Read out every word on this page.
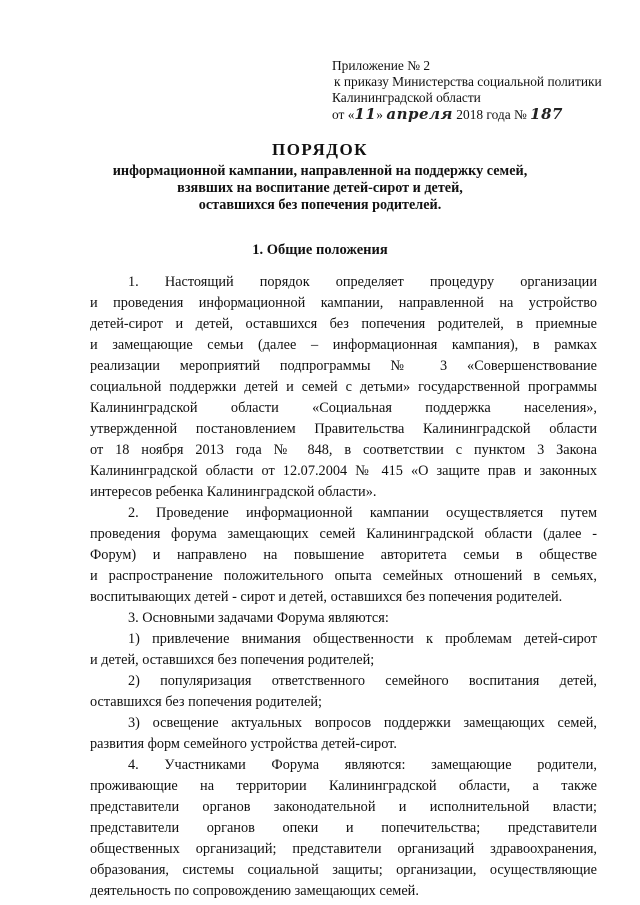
Приложение № 2
к приказу Министерства социальной политики
Калининградской области
от «11» апреля 2018 года № 187
ПОРЯДОК
информационной кампании, направленной на поддержку семей,
взявших на воспитание детей-сирот и детей,
оставшихся без попечения родителей.
1. Общие положения
1. Настоящий порядок определяет процедуру организации
и проведения информационной кампании, направленной на устройство
детей-сирот и детей, оставшихся без попечения родителей, в приемные
и замещающие семьи (далее – информационная кампания), в рамках
реализации мероприятий подпрограммы № 3 «Совершенствование
социальной поддержки детей и семей с детьми» государственной программы
Калининградской области «Социальная поддержка населения»,
утвержденной постановлением Правительства Калининградской области
от 18 ноября 2013 года № 848, в соответствии с пунктом 3 Закона
Калининградской области от 12.07.2004 № 415 «О защите прав и законных
интересов ребенка Калининградской области».
2. Проведение информационной кампании осуществляется путем
проведения форума замещающих семей Калининградской области (далее -
Форум) и направлено на повышение авторитета семьи в обществе
и распространение положительного опыта семейных отношений в семьях,
воспитывающих детей - сирот и детей, оставшихся без попечения родителей.
3. Основными задачами Форума являются:
1) привлечение внимания общественности к проблемам детей-сирот
и детей, оставшихся без попечения родителей;
2) популяризация ответственного семейного воспитания детей,
оставшихся без попечения родителей;
3) освещение актуальных вопросов поддержки замещающих семей,
развития форм семейного устройства детей-сирот.
4. Участниками Форума являются: замещающие родители,
проживающие на территории Калининградской области, а также
представители органов законодательной и исполнительной власти;
представители органов опеки и попечительства; представители
общественных организаций; представители организаций здравоохранения,
образования, системы социальной защиты; организации, осуществляющие
деятельность по сопровождению замещающих семей.
